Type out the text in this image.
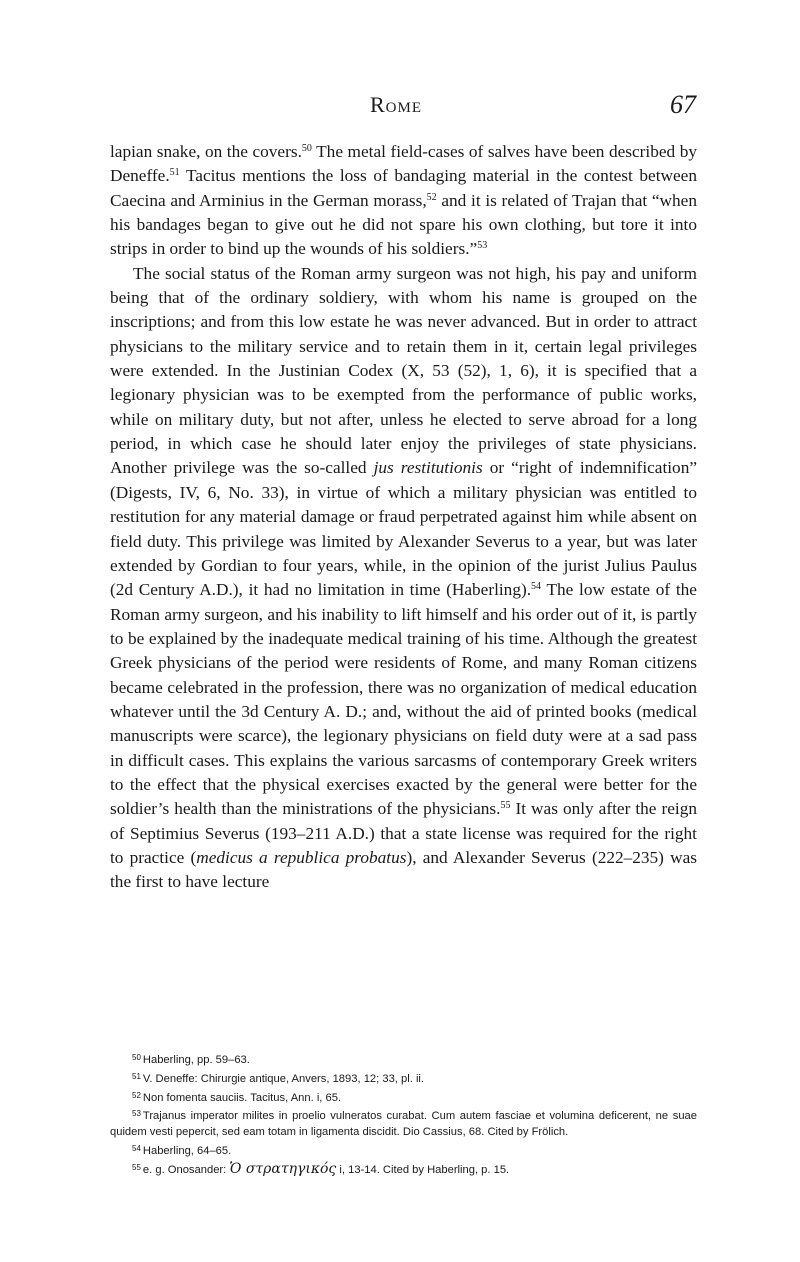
Rome	67

lapian snake, on the covers.$^{50}$ The metal field-cases of salves have been described by Deneffe.$^{51}$ Tacitus mentions the loss of bandaging material in the contest between Caecina and Arminius in the German morass,$^{52}$ and it is related of Trajan that “when his bandages began to give out he did not spare his own clothing, but tore it into strips in order to bind up the wounds of his soldiers.”$^{53}$

The social status of the Roman army surgeon was not high, his pay and uniform being that of the ordinary soldiery, with whom his name is grouped on the inscriptions; and from this low estate he was never advanced. But in order to attract physicians to the military service and to retain them in it, certain legal privileges were extended. In the Justinian Codex (X, 53 (52), 1, 6), it is specified that a legionary physician was to be exempted from the performance of public works, while on military duty, but not after, unless he elected to serve abroad for a long period, in which case he should later enjoy the privileges of state physicians. Another privilege was the so-called jus restitutionis or “right of indemnification” (Digests, IV, 6, No. 33), in virtue of which a military physician was entitled to restitution for any material damage or fraud perpetrated against him while absent on field duty. This privilege was limited by Alexander Severus to a year, but was later extended by Gordian to four years, while, in the opinion of the jurist Julius Paulus (2d Century A.D.), it had no limitation in time (Haberling).$^{54}$ The low estate of the Roman army surgeon, and his inability to lift himself and his order out of it, is partly to be explained by the inadequate medical training of his time. Although the greatest Greek physicians of the period were residents of Rome, and many Roman citizens became celebrated in the profession, there was no organization of medical education whatever until the 3d Century A. D.; and, without the aid of printed books (medical manuscripts were scarce), the legionary physicians on field duty were at a sad pass in difficult cases. This explains the various sarcasms of contemporary Greek writers to the effect that the physical exercises exacted by the general were better for the soldier’s health than the ministrations of the physicians.$^{55}$ It was only after the reign of Septimius Severus (193–211 A.D.) that a state license was required for the right to practice (medicus a republica probatus), and Alexander Severus (222–235) was the first to have lecture

$^{50}$ Haberling, pp. 59–63.

$^{51}$ V. Deneffe: Chirurgie antique, Anvers, 1893, 12; 33, pl. ii.

$^{52}$ Non fomenta sauciis. Tacitus, Ann. i, 65.

$^{53}$ Trajanus imperator milites in proelio vulneratos curabat. Cum autem fasciae et volumina deficerent, ne suae quidem vesti pepercit, sed eam totam in ligamenta discidit. Dio Cassius, 68. Cited by Frölich.

$^{54}$ Haberling, 64–65.

$^{55}$ e. g. Onosander: Ὁ στρατηγικός i, 13-14. Cited by Haberling, p. 15.
